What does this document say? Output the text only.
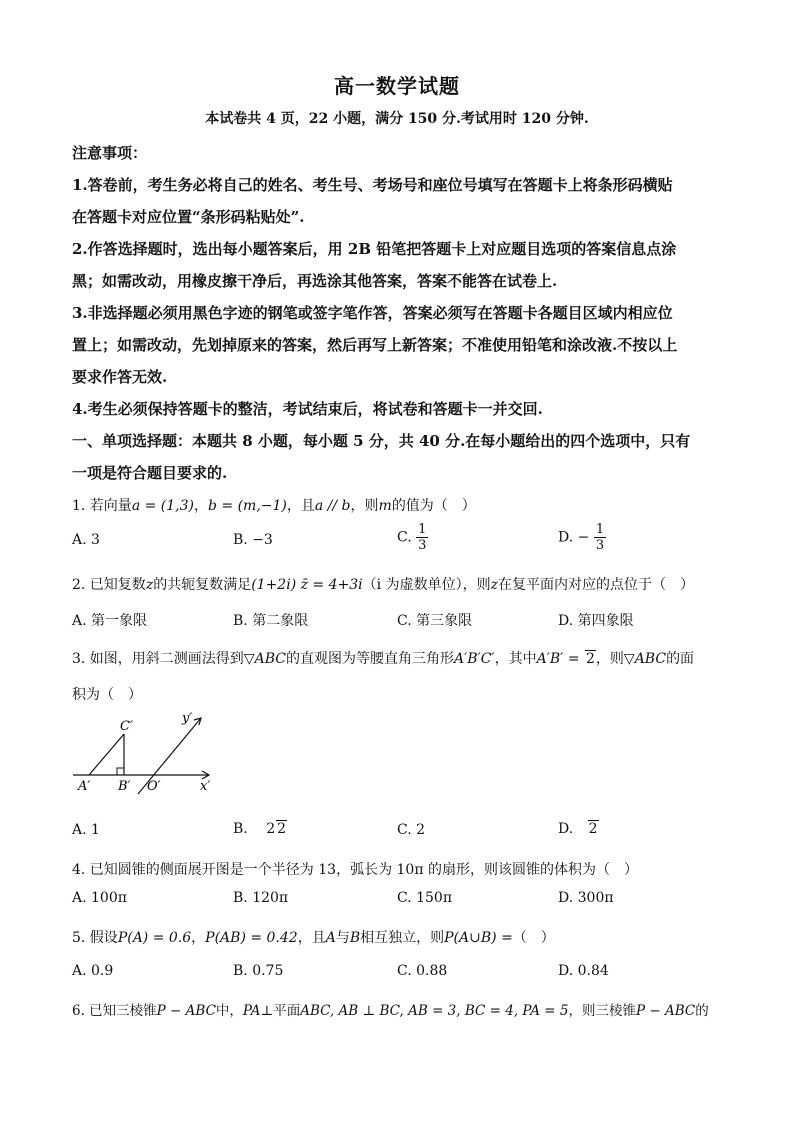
高一数学试题
本试卷共 4 页，22 小题，满分 150 分.考试用时 120 分钟.
注意事项：
1.答卷前，考生务必将自己的姓名、考生号、考场号和座位号填写在答题卡上将条形码横贴
在答题卡对应位置“条形码粘贴处”.
2.作答选择题时，选出每小题答案后，用 2B 铅笔把答题卡上对应题目选项的答案信息点涂
黑；如需改动，用橡皮擦干净后，再选涂其他答案，答案不能答在试卷上.
3.非选择题必须用黑色字迹的钢笔或签字笔作答，答案必须写在答题卡各题目区域内相应位
置上；如需改动，先划掉原来的答案，然后再写上新答案；不准使用铅笔和涂改液.不按以上
要求作答无效.
4.考生必须保持答题卡的整洁，考试结束后，将试卷和答题卡一并交回.
一、单项选择题：本题共 8 小题，每小题 5 分，共 40 分.在每小题给出的四个选项中，只有
一项是符合题目要求的.
1. 若向量a = (1,3)，b = (m,−1)，且a // b，则m的值为（　）
A. 3	B. −3	C. $\frac{1}{3}$	D. − $\frac{1}{3}$
2. 已知复数z的共轭复数满足(1+2i) z̄ = 4+3i（i 为虚数单位），则z在复平面内对应的点位于（　）
A. 第一象限	B. 第二象限	C. 第三象限	D. 第四象限
3. 如图，用斜二测画法得到▽ABC的直观图为等腰直角三角形A′B′C′，其中A′B′ = 2，则▽ABC的面
积为（　）
C′
y′
A′ B′ O′	x′
A. 1	B. 2 2	C. 2	D. 2
4. 已知圆锥的侧面展开图是一个半径为 13，弧长为 10π 的扇形，则该圆锥的体积为（　）
A. 100π	B. 120π	C. 150π	D. 300π
5. 假设P(A) = 0.6，P(AB) = 0.42，且A与B相互独立，则P(A∪B) =（　）
A. 0.9	B. 0.75	C. 0.88	D. 0.84
6. 已知三棱锥P − ABC中，PA⊥平面ABC, AB ⊥ BC, AB = 3, BC = 4, PA = 5，则三棱锥P − ABC的
